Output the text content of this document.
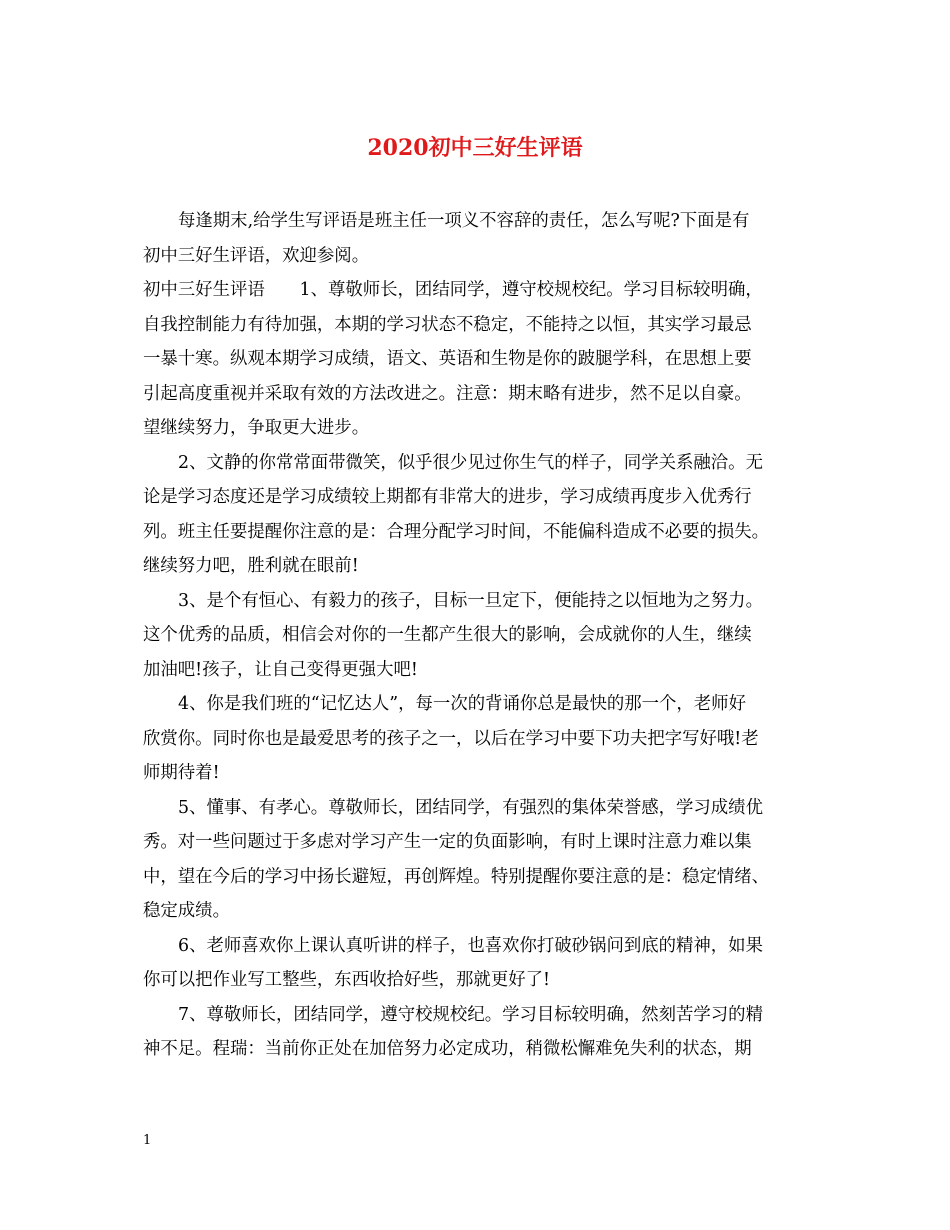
2020初中三好生评语
每逢期末,给学生写评语是班主任一项义不容辞的责任，怎么写呢?下面是有
初中三好生评语，欢迎参阅。
初中三好生评语　　1、尊敬师长，团结同学，遵守校规校纪。学习目标较明确，
自我控制能力有待加强，本期的学习状态不稳定，不能持之以恒，其实学习最忌
一暴十寒。纵观本期学习成绩，语文、英语和生物是你的跛腿学科，在思想上要
引起高度重视并采取有效的方法改进之。注意：期末略有进步，然不足以自豪。
望继续努力，争取更大进步。
2、文静的你常常面带微笑，似乎很少见过你生气的样子，同学关系融洽。无
论是学习态度还是学习成绩较上期都有非常大的进步，学习成绩再度步入优秀行
列。班主任要提醒你注意的是：合理分配学习时间，不能偏科造成不必要的损失。
继续努力吧，胜利就在眼前!
3、是个有恒心、有毅力的孩子，目标一旦定下，便能持之以恒地为之努力。
这个优秀的品质，相信会对你的一生都产生很大的影响，会成就你的人生，继续
加油吧!孩子，让自己变得更强大吧!
4、你是我们班的“记忆达人”，每一次的背诵你总是最快的那一个，老师好
欣赏你。同时你也是最爱思考的孩子之一，以后在学习中要下功夫把字写好哦!老
师期待着!
5、懂事、有孝心。尊敬师长，团结同学，有强烈的集体荣誉感，学习成绩优
秀。对一些问题过于多虑对学习产生一定的负面影响，有时上课时注意力难以集
中，望在今后的学习中扬长避短，再创辉煌。特别提醒你要注意的是：稳定情绪、
稳定成绩。
6、老师喜欢你上课认真听讲的样子，也喜欢你打破砂锅问到底的精神，如果
你可以把作业写工整些，东西收拾好些，那就更好了!
7、尊敬师长，团结同学，遵守校规校纪。学习目标较明确，然刻苦学习的精
神不足。程瑞：当前你正处在加倍努力必定成功，稍微松懈难免失利的状态，期
1
